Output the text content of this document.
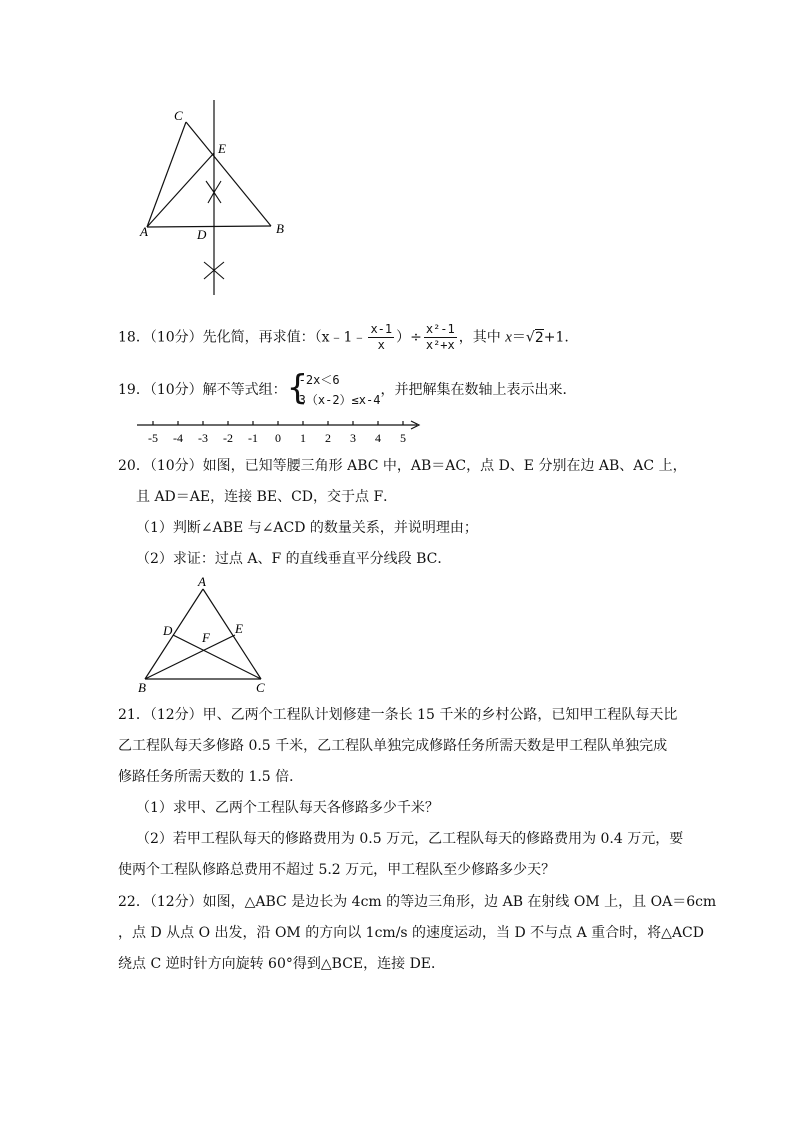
C
E
A	D	B
18．（10分）先化简，再求值：（x﹣1﹣ $\frac{x-1}{x}$ ）÷ $\frac{\text{x²-1}}{\text{x²+x}}$ ，其中 x＝√2+1.
19．（10分）解不等式组： {
-2x＜6
3（x-2）≤x-4
，并把解集在数轴上表示出来．
-5 -4 -3 -2 -1 0 1 2 3 4 5
20．（10分）如图，已知等腰三角形 ABC 中，AB＝AC，点 D、E 分别在边 AB、AC 上，
且 AD＝AE，连接 BE、CD，交于点 F．
（1）判断∠ABE 与∠ACD 的数量关系，并说明理由；
（2）求证：过点 A、F 的直线垂直平分线段 BC．
A
D F
E
B	C
21．（12分）甲、乙两个工程队计划修建一条长 15 千米的乡村公路，已知甲工程队每天比
乙工程队每天多修路 0.5 千米，乙工程队单独完成修路任务所需天数是甲工程队单独完成
修路任务所需天数的 1.5 倍．
（1）求甲、乙两个工程队每天各修路多少千米？
（2）若甲工程队每天的修路费用为 0.5 万元，乙工程队每天的修路费用为 0.4 万元，要
使两个工程队修路总费用不超过 5.2 万元，甲工程队至少修路多少天？
22．（12分）如图，△ABC 是边长为 4cm 的等边三角形，边 AB 在射线 OM 上，且 OA＝6cm
，点 D 从点 O 出发，沿 OM 的方向以 1cm/s 的速度运动，当 D 不与点 A 重合时，将△ACD
绕点 C 逆时针方向旋转 60°得到△BCE，连接 DE．
